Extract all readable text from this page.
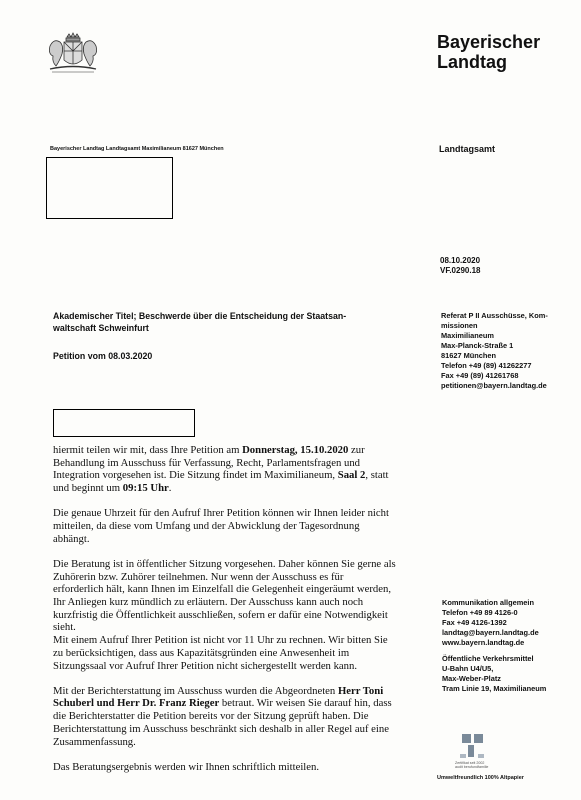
Bayerischer
Landtag
Bayerischer Landtag Landtagsamt Maximilianeum 81627 München	Landtagsamt
08.10.2020
VF.0290.18
Akademischer Titel; Beschwerde über die Entscheidung der Staatsan-
waltschaft Schweinfurt
Petition vom 08.03.2020
Referat P II Ausschüsse, Kom-
missionen
Maximilianeum
Max-Planck-Straße 1
81627 München
Telefon +49 (89) 41262277
Fax +49 (89) 41261768
petitionen@bayern.landtag.de

hiermit teilen wir mit, dass Ihre Petition am Donnerstag, 15.10.2020 zur Behandlung im Ausschuss für Verfassung, Recht, Parlamentsfragen und Integration vorgesehen ist. Die Sitzung findet im Maximilianeum, Saal 2, statt und beginnt um 09:15 Uhr.

Die genaue Uhrzeit für den Aufruf Ihrer Petition können wir Ihnen leider nicht mitteilen, da diese vom Umfang und der Abwicklung der Tagesordnung abhängt.

Die Beratung ist in öffentlicher Sitzung vorgesehen. Daher können Sie gerne als Zuhörerin bzw. Zuhörer teilnehmen. Nur wenn der Ausschuss es für erforderlich hält, kann Ihnen im Einzelfall die Gelegenheit eingeräumt werden, Ihr Anliegen kurz mündlich zu erläutern. Der Ausschuss kann auch noch kurzfristig die Öffentlichkeit ausschließen, sofern er dafür eine Notwendigkeit sieht.

Mit einem Aufruf Ihrer Petition ist nicht vor 11 Uhr zu rechnen. Wir bitten Sie zu berücksichtigen, dass aus Kapazitätsgründen eine Anwesenheit im Sitzungssaal vor Aufruf Ihrer Petition nicht sichergestellt werden kann.

Mit der Berichterstattung im Ausschuss wurden die Abgeordneten Herr Toni Schuberl und Herr Dr. Franz Rieger betraut. Wir weisen Sie darauf hin, dass die Berichterstatter die Petition bereits vor der Sitzung geprüft haben. Die Berichterstattung im Ausschuss beschränkt sich deshalb in aller Regel auf eine Zusammenfassung.

Das Beratungsergebnis werden wir Ihnen schriftlich mitteilen.

Kommunikation allgemein
Telefon +49 89 4126-0
Fax +49 4126-1392
landtag@bayern.landtag.de
www.bayern.landtag.de
Öffentliche Verkehrsmittel
U-Bahn U4/U5,
Max-Weber-Platz
Tram Linie 19, Maximilianeum
Zertifikat seit 2002
audit berufundfamilie
Umweltfreundlich 100% Altpapier
